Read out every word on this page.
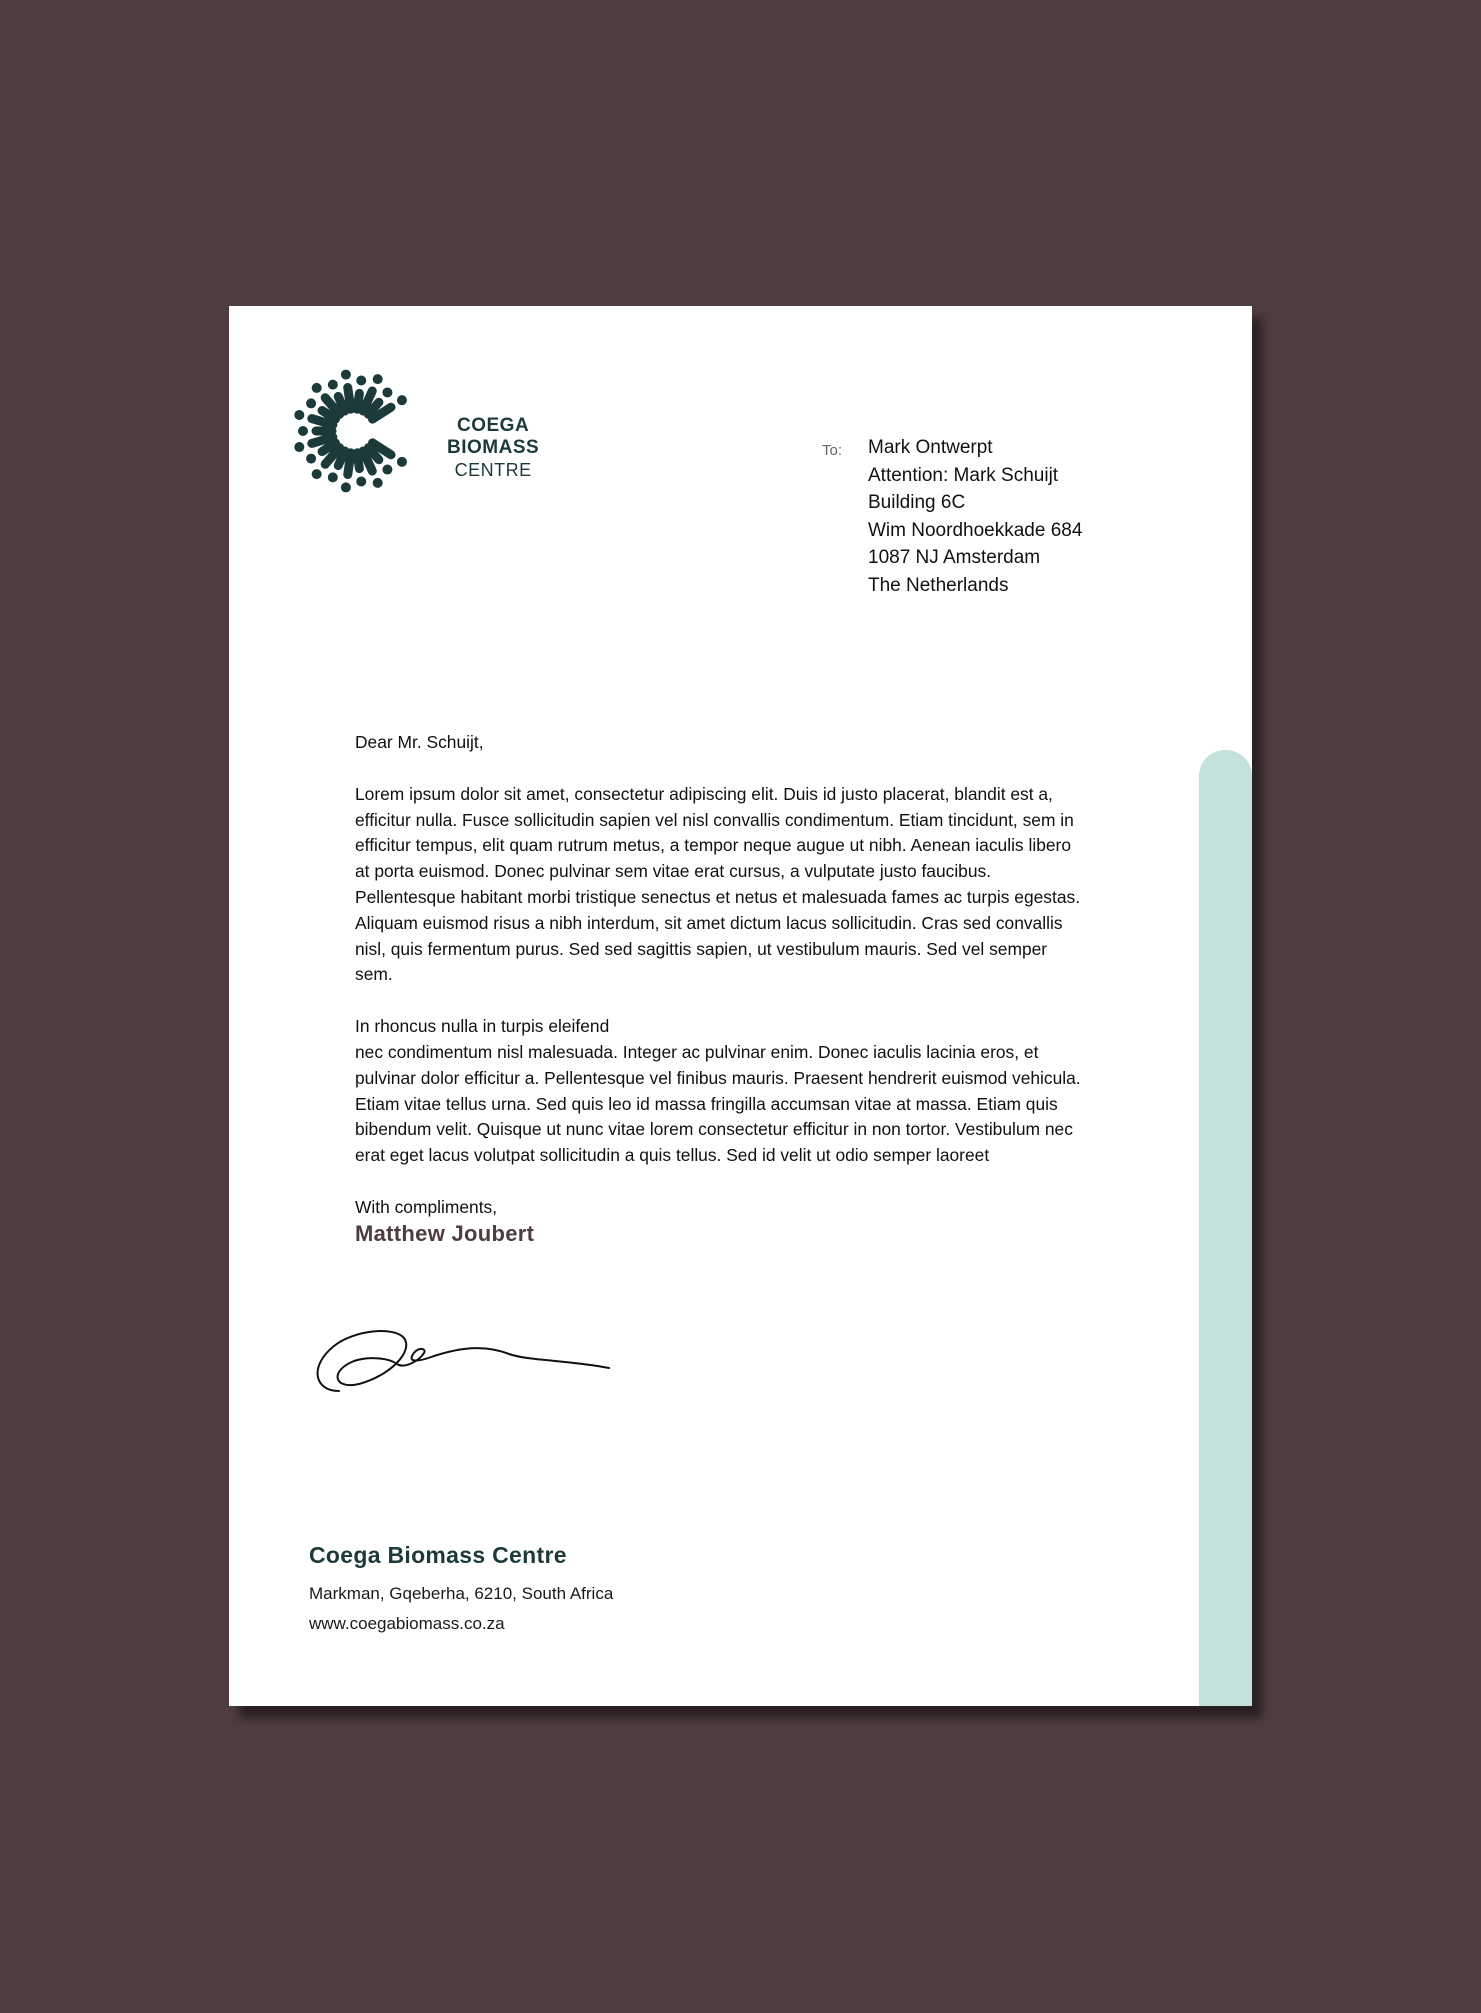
COEGA
BIOMASS
CENTRE
To: Mark Ontwerpt
Attention: Mark Schuijt
Building 6C
Wim Noordhoekkade 684
1087 NJ Amsterdam
The Netherlands

Dear Mr. Schuijt,

Lorem ipsum dolor sit amet, consectetur adipiscing elit. Duis id justo placerat, blandit est a, efficitur nulla. Fusce sollicitudin sapien vel nisl convallis condimentum. Etiam tincidunt, sem in efficitur tempus, elit quam rutrum metus, a tempor neque augue ut nibh. Aenean iaculis libero at porta euismod. Donec pulvinar sem vitae erat cursus, a vulputate justo faucibus. Pellentesque habitant morbi tristique senectus et netus et malesuada fames ac turpis egestas. Aliquam euismod risus a nibh interdum, sit amet dictum lacus sollicitudin. Cras sed convallis nisl, quis fermentum purus. Sed sed sagittis sapien, ut vestibulum mauris. Sed vel semper sem.

In rhoncus nulla in turpis eleifend

nec condimentum nisl malesuada. Integer ac pulvinar enim. Donec iaculis lacinia eros, et pulvinar dolor efficitur a. Pellentesque vel finibus mauris. Praesent hendrerit euismod vehicula. Etiam vitae tellus urna. Sed quis leo id massa fringilla accumsan vitae at massa. Etiam quis bibendum velit. Quisque ut nunc vitae lorem consectetur efficitur in non tortor. Vestibulum nec erat eget lacus volutpat sollicitudin a quis tellus. Sed id velit ut odio semper laoreet

With compliments,

Matthew Joubert

Coega Biomass Centre
Markman, Gqeberha, 6210, South Africa
www.coegabiomass.co.za
